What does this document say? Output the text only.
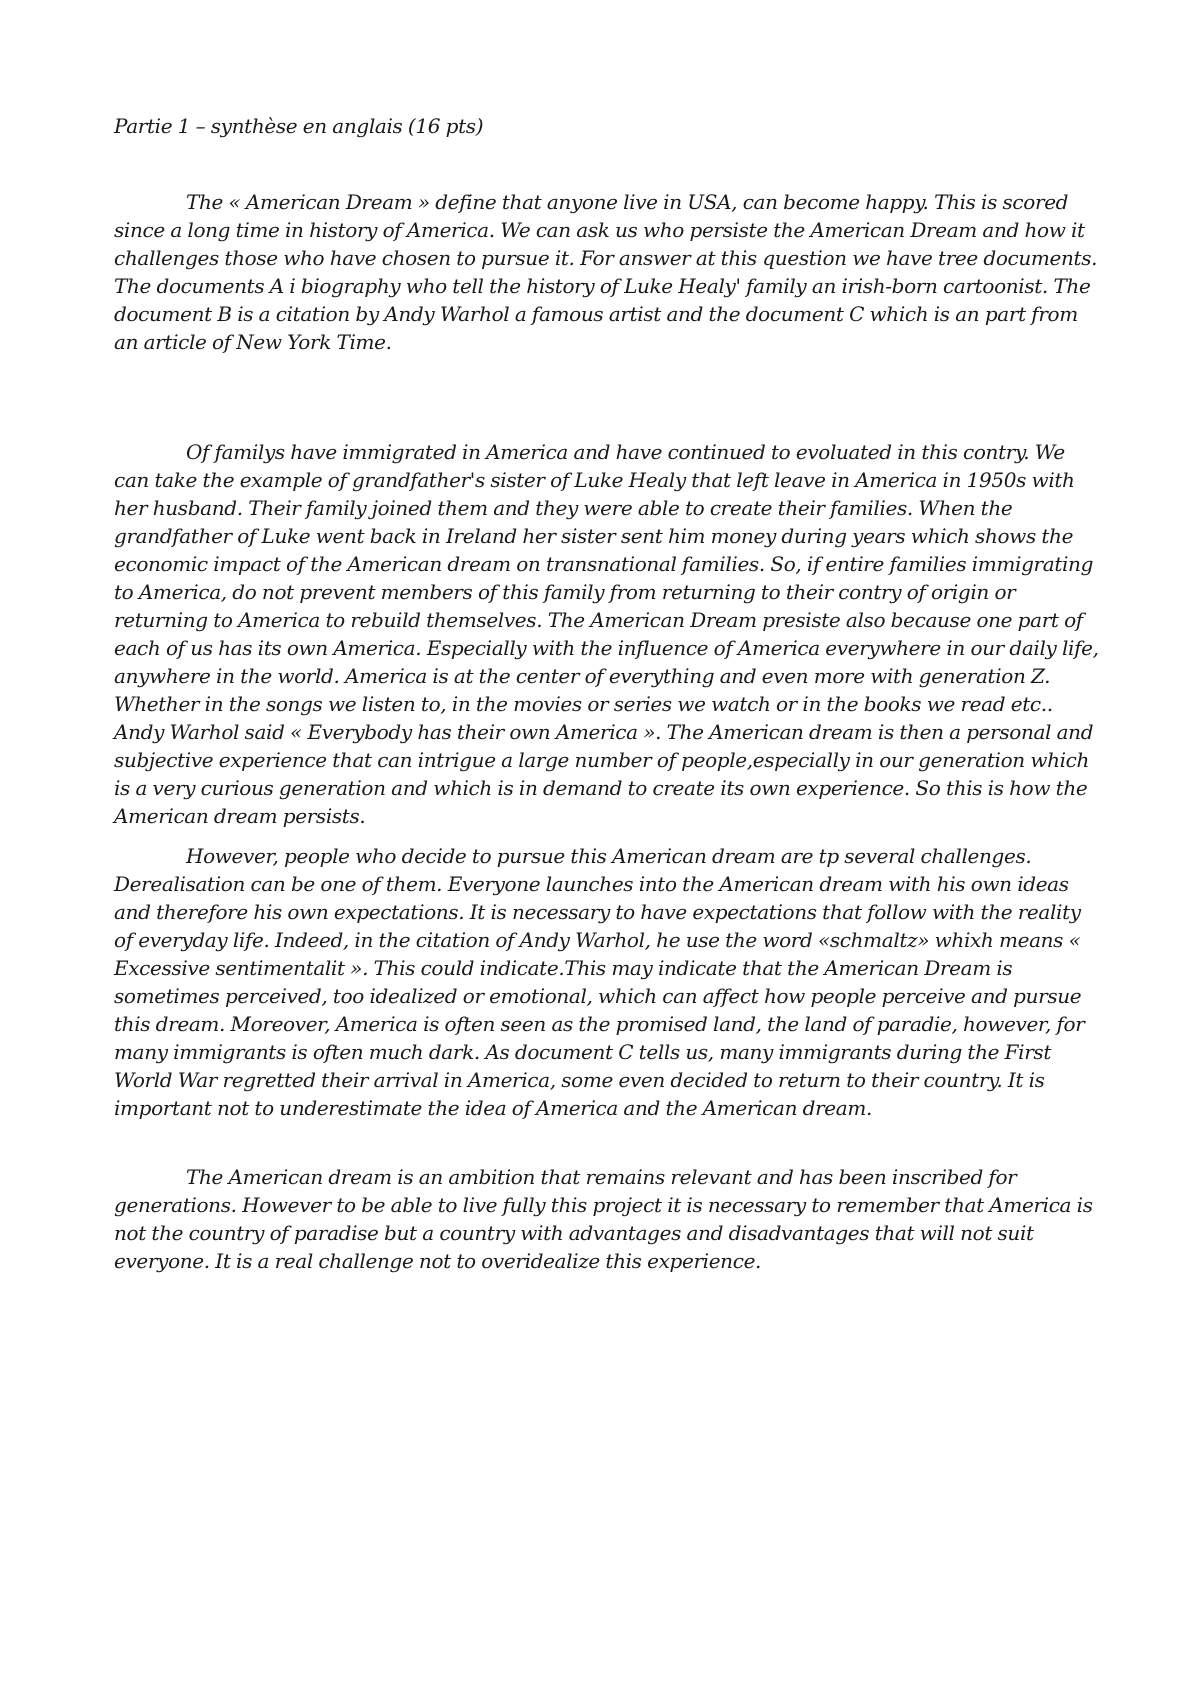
Partie 1 – synthèse en anglais (16 pts)

The « American Dream » define that anyone live in USA, can become happy. This is scored since a long time in history of America. We can ask us who persiste the American Dream and how it challenges those who have chosen to pursue it. For answer at this question we have tree documents. The documents A i biography who tell the history of Luke Healy' family an irish-born cartoonist. The document B is a citation by Andy Warhol a famous artist and the document C which is an part from an article of New York Time.

Of familys have immigrated in America and have continued to evoluated in this contry. We can take the example of grandfather's sister of Luke Healy that left leave in America in 1950s with her husband. Their family joined them and they were able to create their families. When the grandfather of Luke went back in Ireland her sister sent him money during years which shows the economic impact of the American dream on transnational families. So, if entire families immigrating to America, do not prevent members of this family from returning to their contry of origin or returning to America to rebuild themselves. The American Dream presiste also because one part of each of us has its own America. Especially with the influence of America everywhere in our daily life, anywhere in the world. America is at the center of everything and even more with generation Z. Whether in the songs we listen to, in the movies or series we watch or in the books we read etc.. Andy Warhol said « Everybody has their own America ». The American dream is then a personal and subjective experience that can intrigue a large number of people,especially in our generation which is a very curious generation and which is in demand to create its own experience. So this is how the American dream persists.

However, people who decide to pursue this American dream are tp several challenges. Derealisation can be one of them. Everyone launches into the American dream with his own ideas and therefore his own expectations. It is necessary to have expectations that follow with the reality of everyday life. Indeed, in the citation of Andy Warhol, he use the word «schmaltz» whixh means « Excessive sentimentalit ». This could indicate.This may indicate that the American Dream is sometimes perceived, too idealized or emotional, which can affect how people perceive and pursue this dream. Moreover, America is often seen as the promised land, the land of paradie, however, for many immigrants is often much dark. As document C tells us, many immigrants during the First World War regretted their arrival in America, some even decided to return to their country. It is important not to underestimate the idea of America and the American dream.

The American dream is an ambition that remains relevant and has been inscribed for generations. However to be able to live fully this project it is necessary to remember that America is not the country of paradise but a country with advantages and disadvantages that will not suit everyone. It is a real challenge not to overidealize this experience.
